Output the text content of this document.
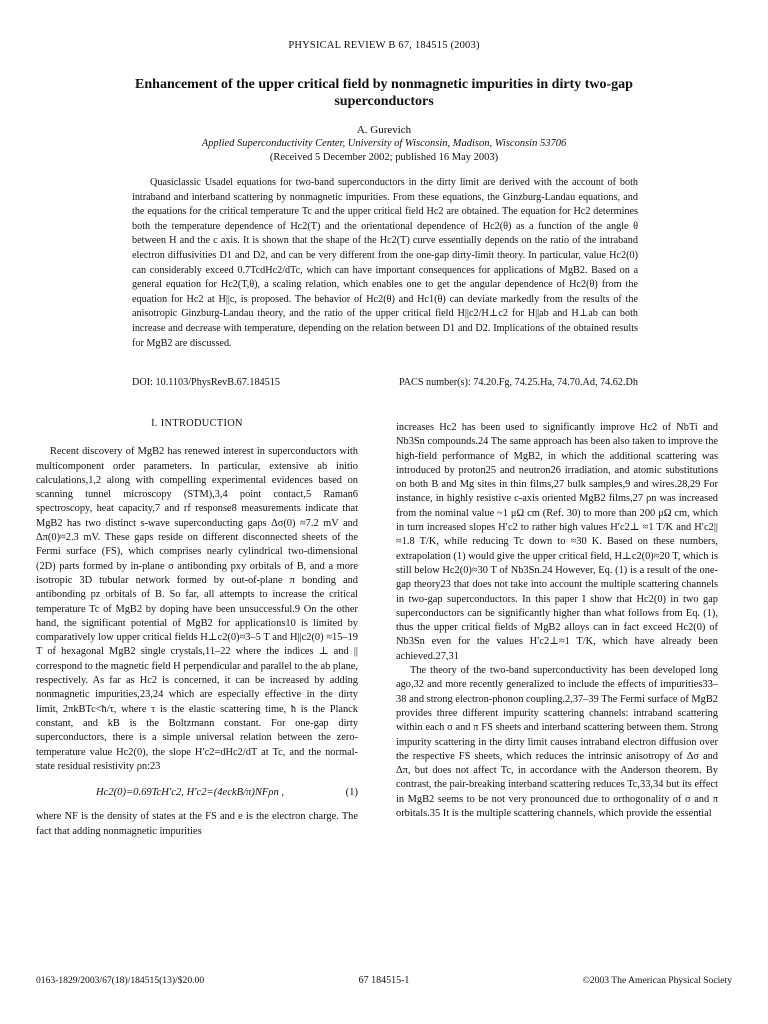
PHYSICAL REVIEW B 67, 184515 (2003)
Enhancement of the upper critical field by nonmagnetic impurities in dirty two-gap superconductors
A. Gurevich
Applied Superconductivity Center, University of Wisconsin, Madison, Wisconsin 53706
(Received 5 December 2002; published 16 May 2003)

Quasiclassic Usadel equations for two-band superconductors in the dirty limit are derived with the account of both intraband and interband scattering by nonmagnetic impurities. From these equations, the Ginzburg-Landau equations, and the equations for the critical temperature Tc and the upper critical field Hc2 are obtained. The equation for Hc2 determines both the temperature dependence of Hc2(T) and the orientational dependence of Hc2(θ) as a function of the angle θ between H and the c axis. It is shown that the shape of the Hc2(T) curve essentially depends on the ratio of the intraband electron diffusivities D1 and D2, and can be very different from the one-gap dirty-limit theory. In particular, value Hc2(0) can considerably exceed 0.7TcdHc2/dTc, which can have important consequences for applications of MgB2. Based on a general equation for Hc2(T,θ), a scaling relation, which enables one to get the angular dependence of Hc2(θ) from the equation for Hc2 at H||c, is proposed. The behavior of Hc2(θ) and Hc1(θ) can deviate markedly from the results of the anisotropic Ginzburg-Landau theory, and the ratio of the upper critical field H||c2/H⊥c2 for H||ab and H⊥ab can both increase and decrease with temperature, depending on the relation between D1 and D2. Implications of the obtained results for MgB2 are discussed.

DOI: 10.1103/PhysRevB.67.184515	PACS number(s): 74.20.Fg, 74.25.Ha, 74.70.Ad, 74.62.Dh
I. INTRODUCTION

Recent discovery of MgB2 has renewed interest in superconductors with multicomponent order parameters. In particular, extensive ab initio calculations,1,2 along with compelling experimental evidences based on scanning tunnel microscopy (STM),3,4 point contact,5 Raman6 spectroscopy, heat capacity,7 and rf response8 measurements indicate that MgB2 has two distinct s-wave superconducting gaps Δσ(0) ≈7.2 mV and Δπ(0)≈2.3 mV. These gaps reside on different disconnected sheets of the Fermi surface (FS), which comprises nearly cylindrical two-dimensional (2D) parts formed by in-plane σ antibonding pxy orbitals of B, and a more isotropic 3D tubular network formed by out-of-plane π bonding and antibonding pz orbitals of B. So far, all attempts to increase the critical temperature Tc of MgB2 by doping have been unsuccessful.9 On the other hand, the significant potential of MgB2 for applications10 is limited by comparatively low upper critical fields H⊥c2(0)≈3–5 T and H||c2(0) ≈15–19 T of hexagonal MgB2 single crystals,11–22 where the indices ⊥ and || correspond to the magnetic field H perpendicular and parallel to the ab plane, respectively. As far as Hc2 is concerned, it can be increased by adding nonmagnetic impurities,23,24 which are especially effective in the dirty limit, 2πkBTc<ħ/τ, where τ is the elastic scattering time, ħ is the Planck constant, and kB is the Boltzmann constant. For one-gap dirty superconductors, there is a simple universal relation between the zero-temperature value Hc2(0), the slope H′c2=dHc2/dT at Tc, and the normal-state residual resistivity ρn:23

Hc2(0)=0.69TcH′c2, H′c2=(4eckB/π)NFρn ,	(1)

where NF is the density of states at the FS and e is the electron charge. The fact that adding nonmagnetic impurities

increases Hc2 has been used to significantly improve Hc2 of NbTi and Nb3Sn compounds.24 The same approach has been also taken to improve the high-field performance of MgB2, in which the additional scattering was introduced by proton25 and neutron26 irradiation, and atomic substitutions on both B and Mg sites in thin films,27 bulk samples,9 and wires.28,29 For instance, in highly resistive c-axis oriented MgB2 films,27 ρn was increased from the nominal value ~1 μΩ cm (Ref. 30) to more than 200 μΩ cm, which in turn increased slopes H′c2 to rather high values H′c2⊥ ≈1 T/K and H′c2||≈1.8 T/K, while reducing Tc down to ≈30 K. Based on these numbers, extrapolation (1) would give the upper critical field, H⊥c2(0)≈20 T, which is still below Hc2(0)≈30 T of Nb3Sn.24 However, Eq. (1) is a result of the one-gap theory23 that does not take into account the multiple scattering channels in two-gap superconductors. In this paper I show that Hc2(0) in two gap superconductors can be significantly higher than what follows from Eq. (1), thus the upper critical fields of MgB2 alloys can in fact exceed Hc2(0) of Nb3Sn even for the values H′c2⊥≈1 T/K, which have already been achieved.27,31

The theory of the two-band superconductivity has been developed long ago,32 and more recently generalized to include the effects of impurities33–38 and strong electron-phonon coupling.2,37–39 The Fermi surface of MgB2 provides three different impurity scattering channels: intraband scattering within each σ and π FS sheets and interband scattering between them. Strong impurity scattering in the dirty limit causes intraband electron diffusion over the respective FS sheets, which reduces the intrinsic anisotropy of Δσ and Δπ, but does not affect Tc, in accordance with the Anderson theorem. By contrast, the pair-breaking interband scattering reduces Tc,33,34 but its effect in MgB2 seems to be not very pronounced due to orthogonality of σ and π orbitals.35 It is the multiple scattering channels, which provide the essential

0163-1829/2003/67(18)/184515(13)/$20.00	67 184515-1	©2003 The American Physical Society
